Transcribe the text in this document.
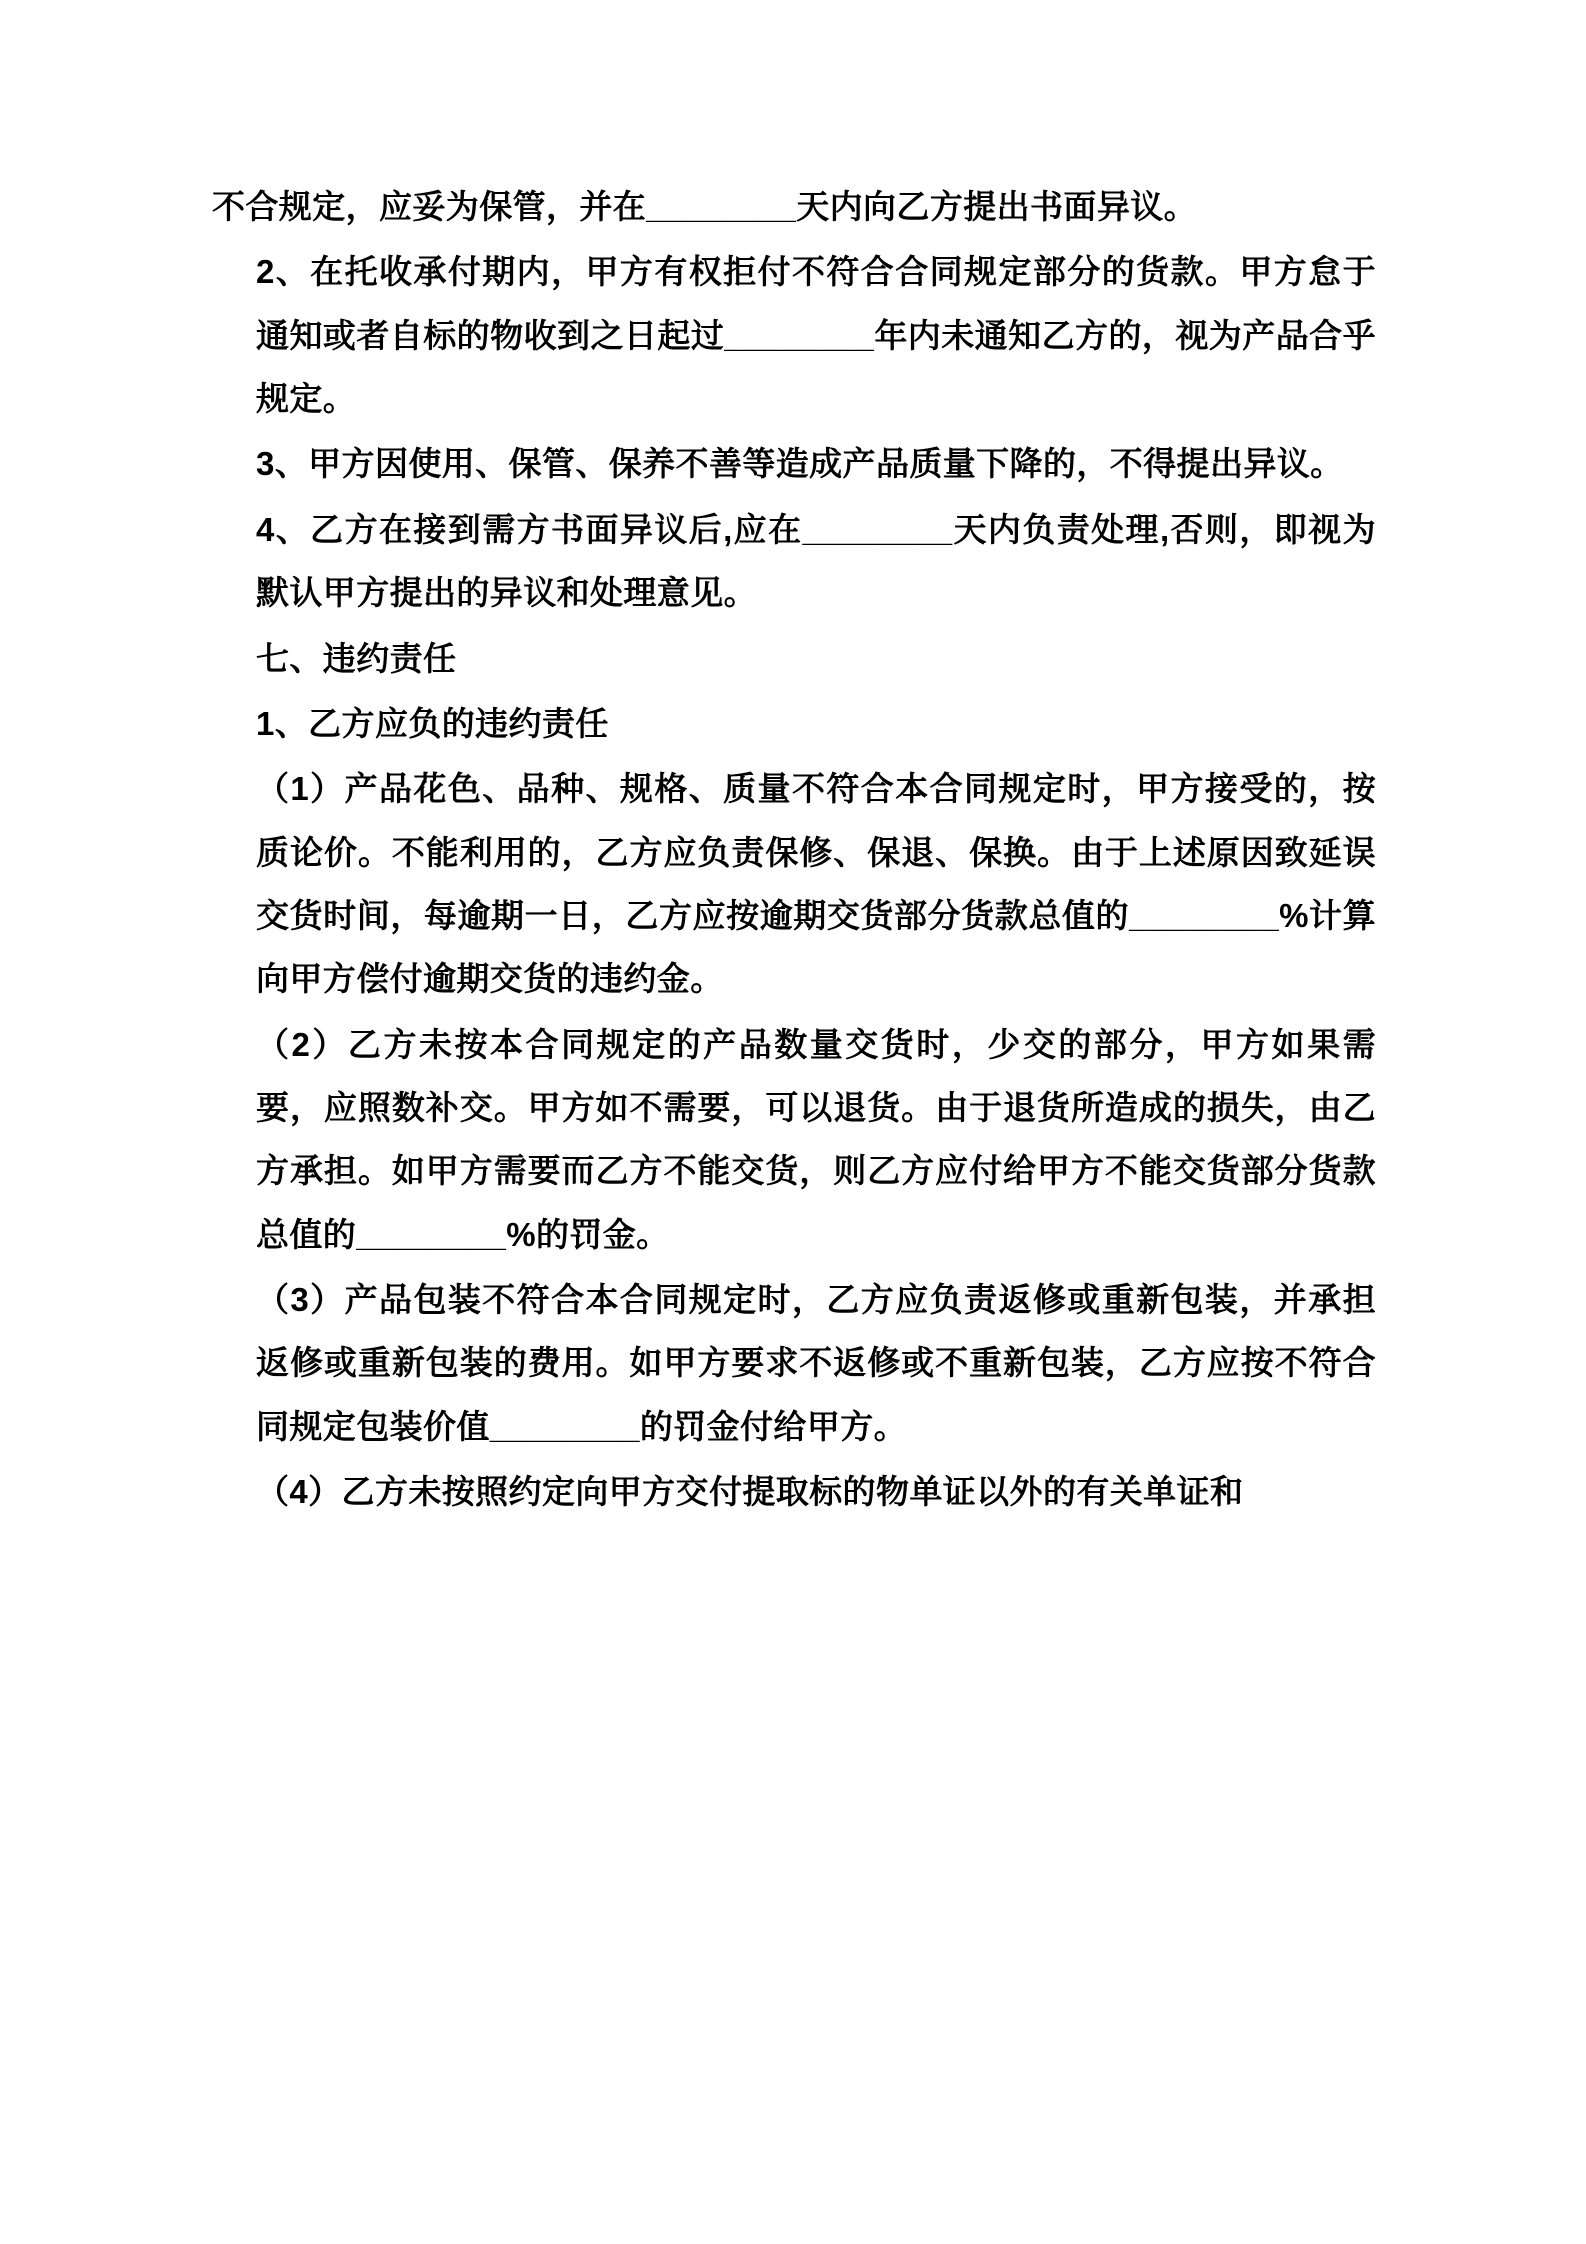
不合规定，应妥为保管，并在________天内向乙方提出书面异议。

2、在托收承付期内，甲方有权拒付不符合合同规定部分的货款。甲方怠于通知或者自标的物收到之日起过________年内未通知乙方的，视为产品合乎规定。

3、甲方因使用、保管、保养不善等造成产品质量下降的，不得提出异议。

4、乙方在接到需方书面异议后,应在________天内负责处理,否则，即视为默认甲方提出的异议和处理意见。

七、违约责任

1、乙方应负的违约责任

（1）产品花色、品种、规格、质量不符合本合同规定时，甲方接受的，按质论价。不能利用的，乙方应负责保修、保退、保换。由于上述原因致延误交货时间，每逾期一日，乙方应按逾期交货部分货款总值的________%计算向甲方偿付逾期交货的违约金。

（2）乙方未按本合同规定的产品数量交货时，少交的部分，甲方如果需要，应照数补交。甲方如不需要，可以退货。由于退货所造成的损失，由乙方承担。如甲方需要而乙方不能交货，则乙方应付给甲方不能交货部分货款总值的________%的罚金。

（3）产品包装不符合本合同规定时，乙方应负责返修或重新包装，并承担返修或重新包装的费用。如甲方要求不返修或不重新包装，乙方应按不符合同规定包装价值________的罚金付给甲方。

（4）乙方未按照约定向甲方交付提取标的物单证以外的有关单证和
